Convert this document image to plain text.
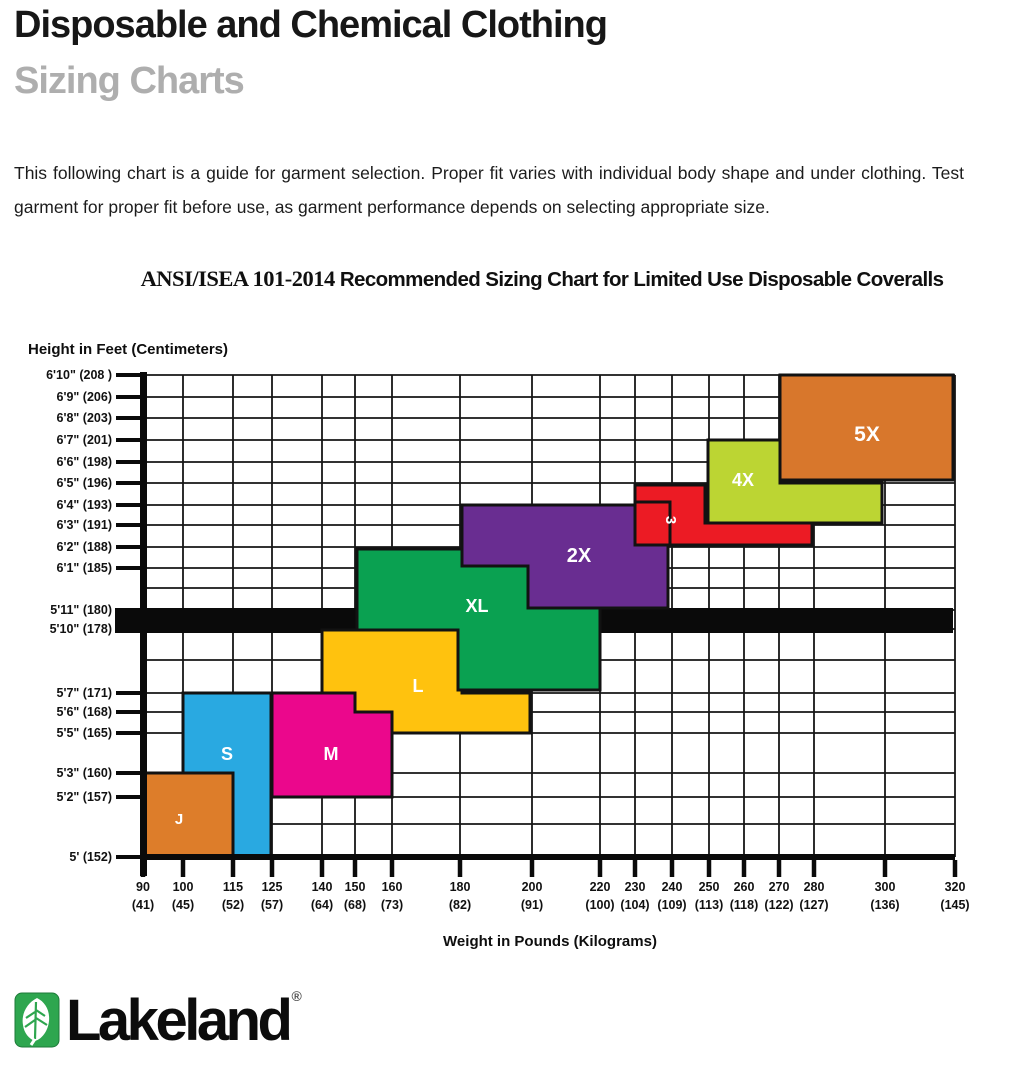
Disposable and Chemical Clothing
Sizing Charts
This following chart is a guide for garment selection. Proper fit varies with individual body shape and under clothing. Test garment for proper fit before use, as garment performance depends on selecting appropriate size.
ANSI/ISEA 101-2014 Recommended Sizing Chart for Limited Use Disposable Coveralls
S
J
M
L
XL
2X
3
4X
5X
6'10" (208 )
6'9" (206)
6'8" (203)
6'7" (201)
6'6" (198)
6'5" (196)
6'4" (193)
6'3" (191)
6'2" (188)
6'1" (185)
5'11" (180)
5'10" (178)
5'7" (171)
5'6" (168)
5'5" (165)
5'3" (160)
5'2" (157)
5' (152)
90
(41)
100
(45)
115
(52)
125
(57)
140
(64)
150
(68)
160
(73)
180
(82)
200
(91)
220
(100)
230
(104)
240
(109)
250
(113)
260
(118)
270
(122)
280
(127)
300
(136)
320
(145)
Height in Feet (Centimeters)
Weight in Pounds (Kilograms)
Lakeland ®
